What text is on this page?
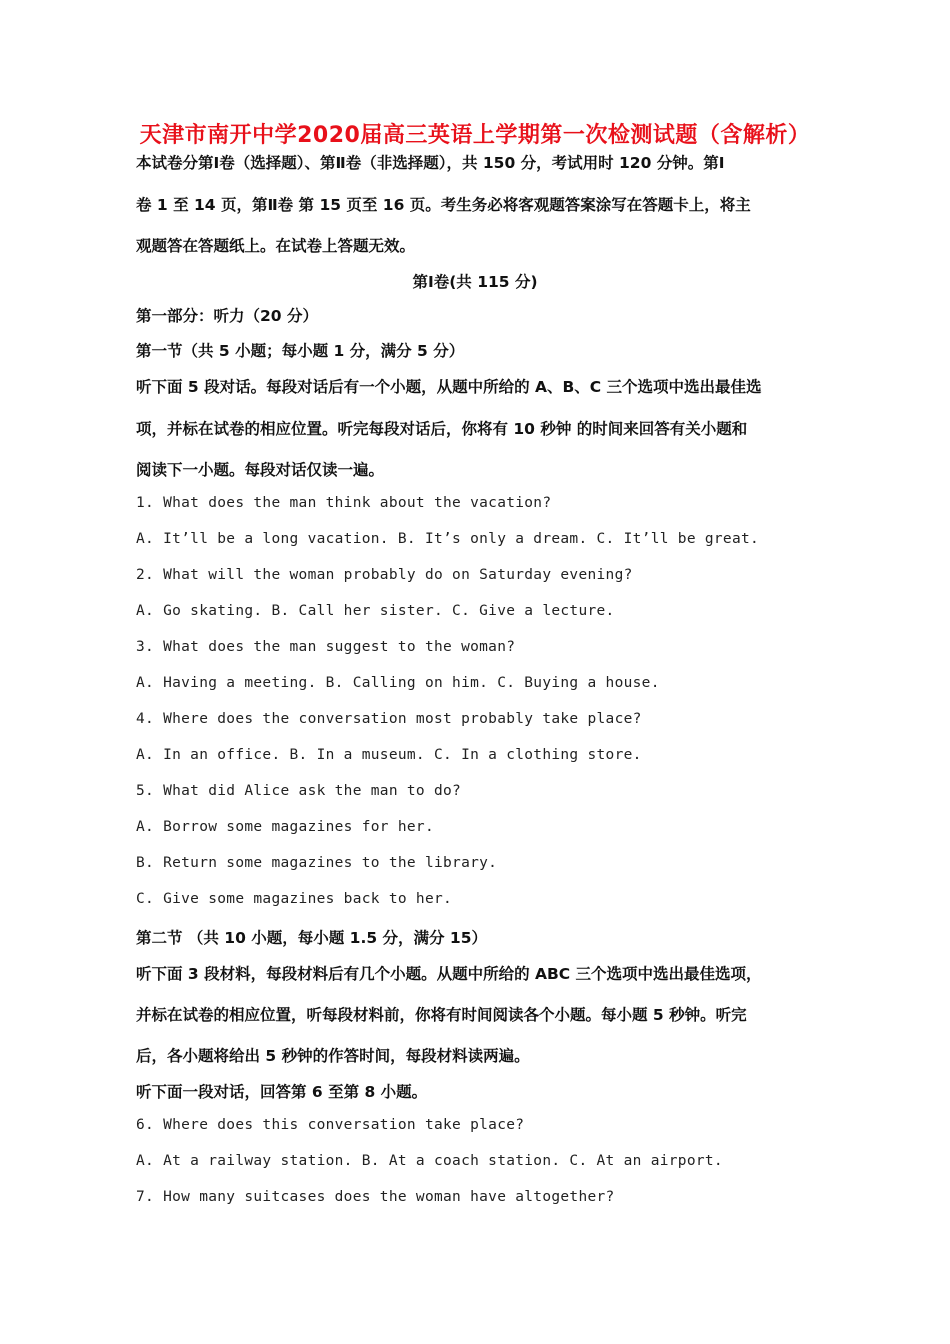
天津市南开中学2020届高三英语上学期第一次检测试题（含解析）
本试卷分第Ⅰ卷（选择题）、第Ⅱ卷（非选择题），共 150 分，考试用时 120 分钟。第Ⅰ
卷 1 至 14 页，第Ⅱ卷 第 15 页至 16 页。考生务必将客观题答案涂写在答题卡上，将主
观题答在答题纸上。在试卷上答题无效。
第Ⅰ卷(共 115 分)
第一部分：听力（20 分）
第一节（共 5 小题；每小题 1 分，满分 5 分）
听下面 5 段对话。每段对话后有一个小题，从题中所给的 A、B、C 三个选项中选出最佳选
项，并标在试卷的相应位置。听完每段对话后，你将有 10 秒钟 的时间来回答有关小题和
阅读下一小题。每段对话仅读一遍。
1. What does the man think about the vacation?
A. It’ll be a long vacation. B. It’s only a dream. C. It’ll be great.
2. What will the woman probably do on Saturday evening?
A. Go skating. B. Call her sister. C. Give a lecture.
3. What does the man suggest to the woman?
A. Having a meeting. B. Calling on him. C. Buying a house.
4. Where does the conversation most probably take place?
A. In an office. B. In a museum. C. In a clothing store.
5. What did Alice ask the man to do?
A. Borrow some magazines for her.
B. Return some magazines to the library.
C. Give some magazines back to her.
第二节 （共 10 小题，每小题 1.5 分，满分 15）
听下面 3 段材料，每段材料后有几个小题。从题中所给的 ABC 三个选项中选出最佳选项，
并标在试卷的相应位置，听每段材料前，你将有时间阅读各个小题。每小题 5 秒钟。听完
后，各小题将给出 5 秒钟的作答时间，每段材料读两遍。
听下面一段对话，回答第 6 至第 8 小题。
6. Where does this conversation take place?
A. At a railway station. B. At a coach station. C. At an airport.
7. How many suitcases does the woman have altogether?
